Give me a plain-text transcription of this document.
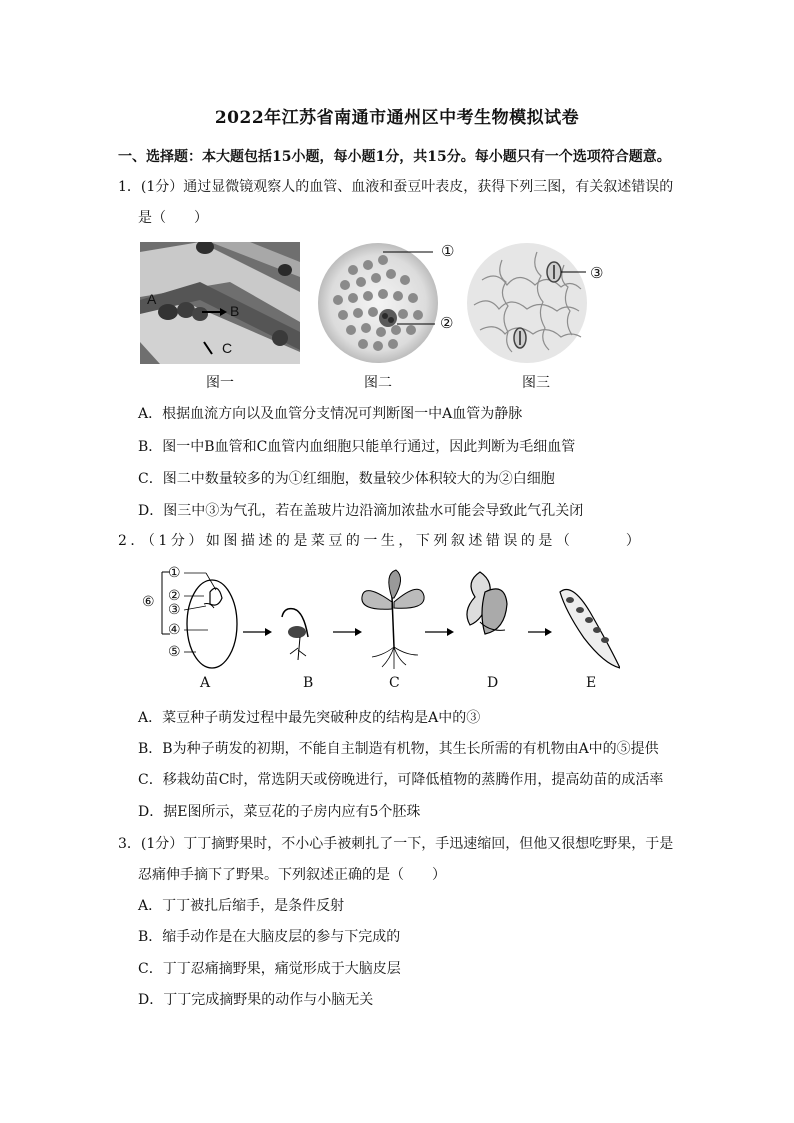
2022年江苏省南通市通州区中考生物模拟试卷
一、选择题：本大题包括15小题，每小题1分，共15分。每小题只有一个选项符合题意。
1．(1分）通过显微镜观察人的血管、血液和蚕豆叶表皮，获得下列三图，有关叙述错误的
是（　　）
A
B
C
图一
①
②
图二
③
图三
A．根据血流方向以及血管分支情况可判断图一中A血管为静脉
B．图一中B血管和C血管内血细胞只能单行通过，因此判断为毛细血管
C．图二中数量较多的为①红细胞，数量较少体积较大的为②白细胞
D．图三中③为气孔，若在盖玻片边沿滴加浓盐水可能会导致此气孔关闭
2．（1分）如图描述的是菜豆的一生，下列叙述错误的是（　　　）
①
②
③
④
⑤
⑥
A	B	C	D	E
A．菜豆种子萌发过程中最先突破种皮的结构是A中的③
B．B为种子萌发的初期，不能自主制造有机物，其生长所需的有机物由A中的⑤提供
C．移栽幼苗C时，常选阴天或傍晚进行，可降低植物的蒸腾作用，提高幼苗的成活率
D．据E图所示，菜豆花的子房内应有5个胚珠
3．(1分）丁丁摘野果时，不小心手被刺扎了一下，手迅速缩回，但他又很想吃野果，于是
忍痛伸手摘下了野果。下列叙述正确的是（　　）
A．丁丁被扎后缩手，是条件反射
B．缩手动作是在大脑皮层的参与下完成的
C．丁丁忍痛摘野果，痛觉形成于大脑皮层
D．丁丁完成摘野果的动作与小脑无关
